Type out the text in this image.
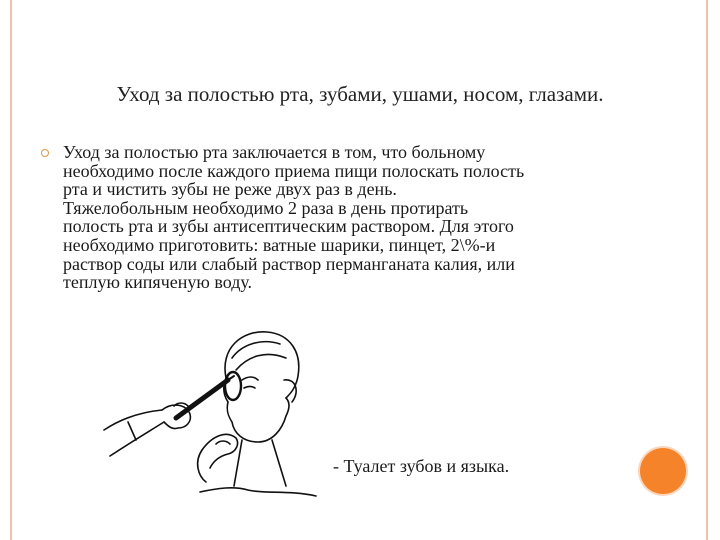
Уход за полостью рта, зубами, ушами, носом, глазами.

Уход за полостью рта заключается в том, что больному
необходимо после каждого приема пищи полоскать полость
рта и чистить зубы не реже двух раз в день.
Тяжелобольным необходимо 2 раза в день протирать
полость рта и зубы антисептическим раствором. Для этого
необходимо приготовить: ватные шарики, пинцет, 2\%-и
раствор соды или слабый раствор перманганата калия, или
теплую кипяченую воду.

- Туалет зубов и языка.
